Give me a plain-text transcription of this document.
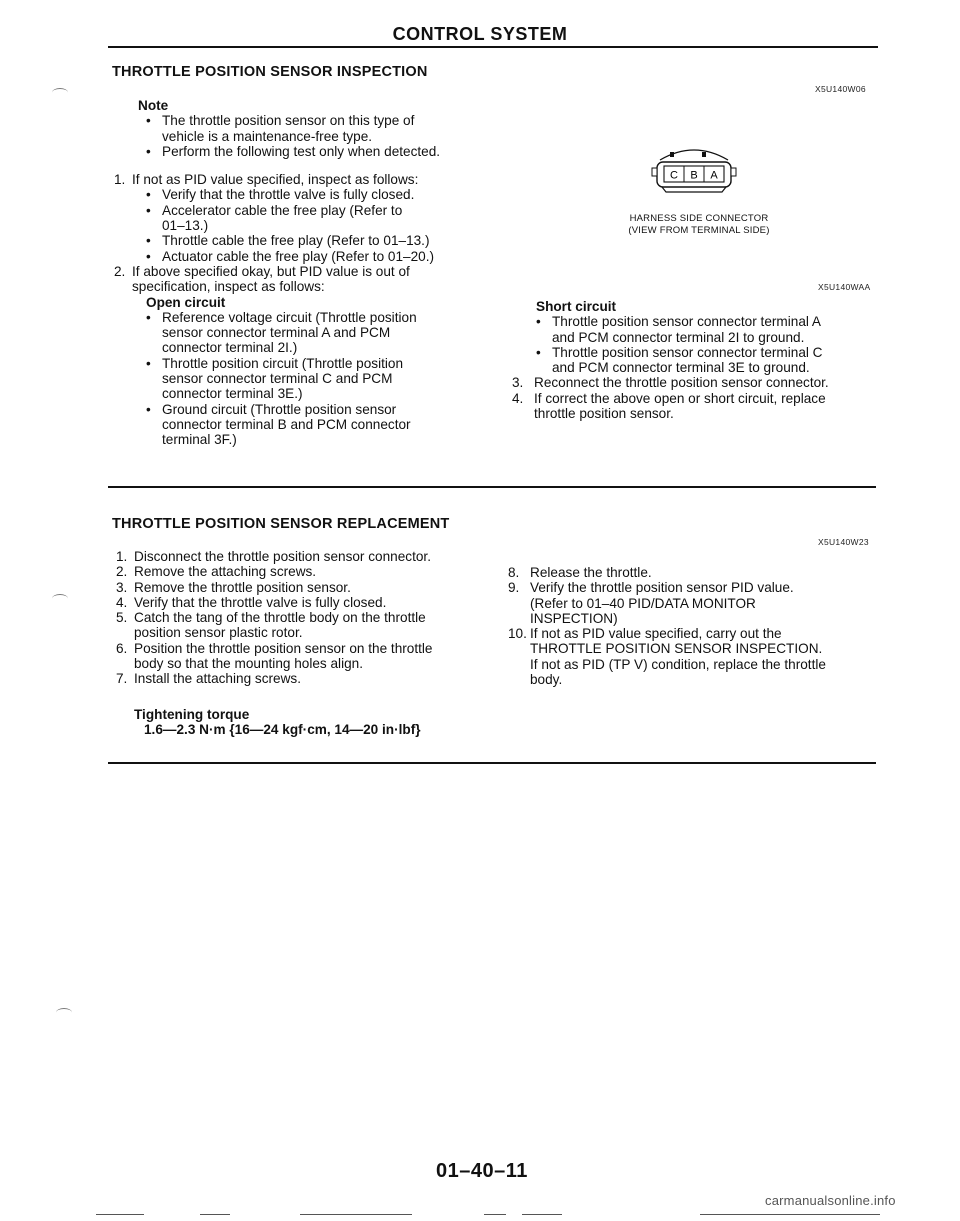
CONTROL SYSTEM
THROTTLE POSITION SENSOR INSPECTION
X5U140W06
Note
• The throttle position sensor on this type of
vehicle is a maintenance-free type.
• Perform the following test only when detected.
1. If not as PID value specified, inspect as follows:
• Verify that the throttle valve is fully closed.
• Accelerator cable the free play (Refer to
01–13.)
• Throttle cable the free play (Refer to 01–13.)
• Actuator cable the free play (Refer to 01–20.)
2. If above specified okay, but PID value is out of
specification, inspect as follows:
Open circuit
• Reference voltage circuit (Throttle position
sensor connector terminal A and PCM
connector terminal 2I.)
• Throttle position circuit (Throttle position
sensor connector terminal C and PCM
connector terminal 3E.)
• Ground circuit (Throttle position sensor
connector terminal B and PCM connector
terminal 3F.)
C B A
HARNESS SIDE CONNECTOR
(VIEW FROM TERMINAL SIDE)
X5U140WAA
Short circuit
• Throttle position sensor connector terminal A
and PCM connector terminal 2I to ground.
• Throttle position sensor connector terminal C
and PCM connector terminal 3E to ground.
3. Reconnect the throttle position sensor connector.
4. If correct the above open or short circuit, replace
throttle position sensor.
THROTTLE POSITION SENSOR REPLACEMENT
X5U140W23
1. Disconnect the throttle position sensor connector.
2. Remove the attaching screws.
3. Remove the throttle position sensor.
4. Verify that the throttle valve is fully closed.
5. Catch the tang of the throttle body on the throttle
position sensor plastic rotor.
6. Position the throttle position sensor on the throttle
body so that the mounting holes align.
7. Install the attaching screws.
Tightening torque
1.6—2.3 N·m {16—24 kgf·cm, 14—20 in·lbf}
8. Release the throttle.
9. Verify the throttle position sensor PID value.
(Refer to 01–40 PID/DATA MONITOR
INSPECTION)
10. If not as PID value specified, carry out the
THROTTLE POSITION SENSOR INSPECTION.
If not as PID (TP V) condition, replace the throttle
body.
01–40–11
carmanualsonline.info
